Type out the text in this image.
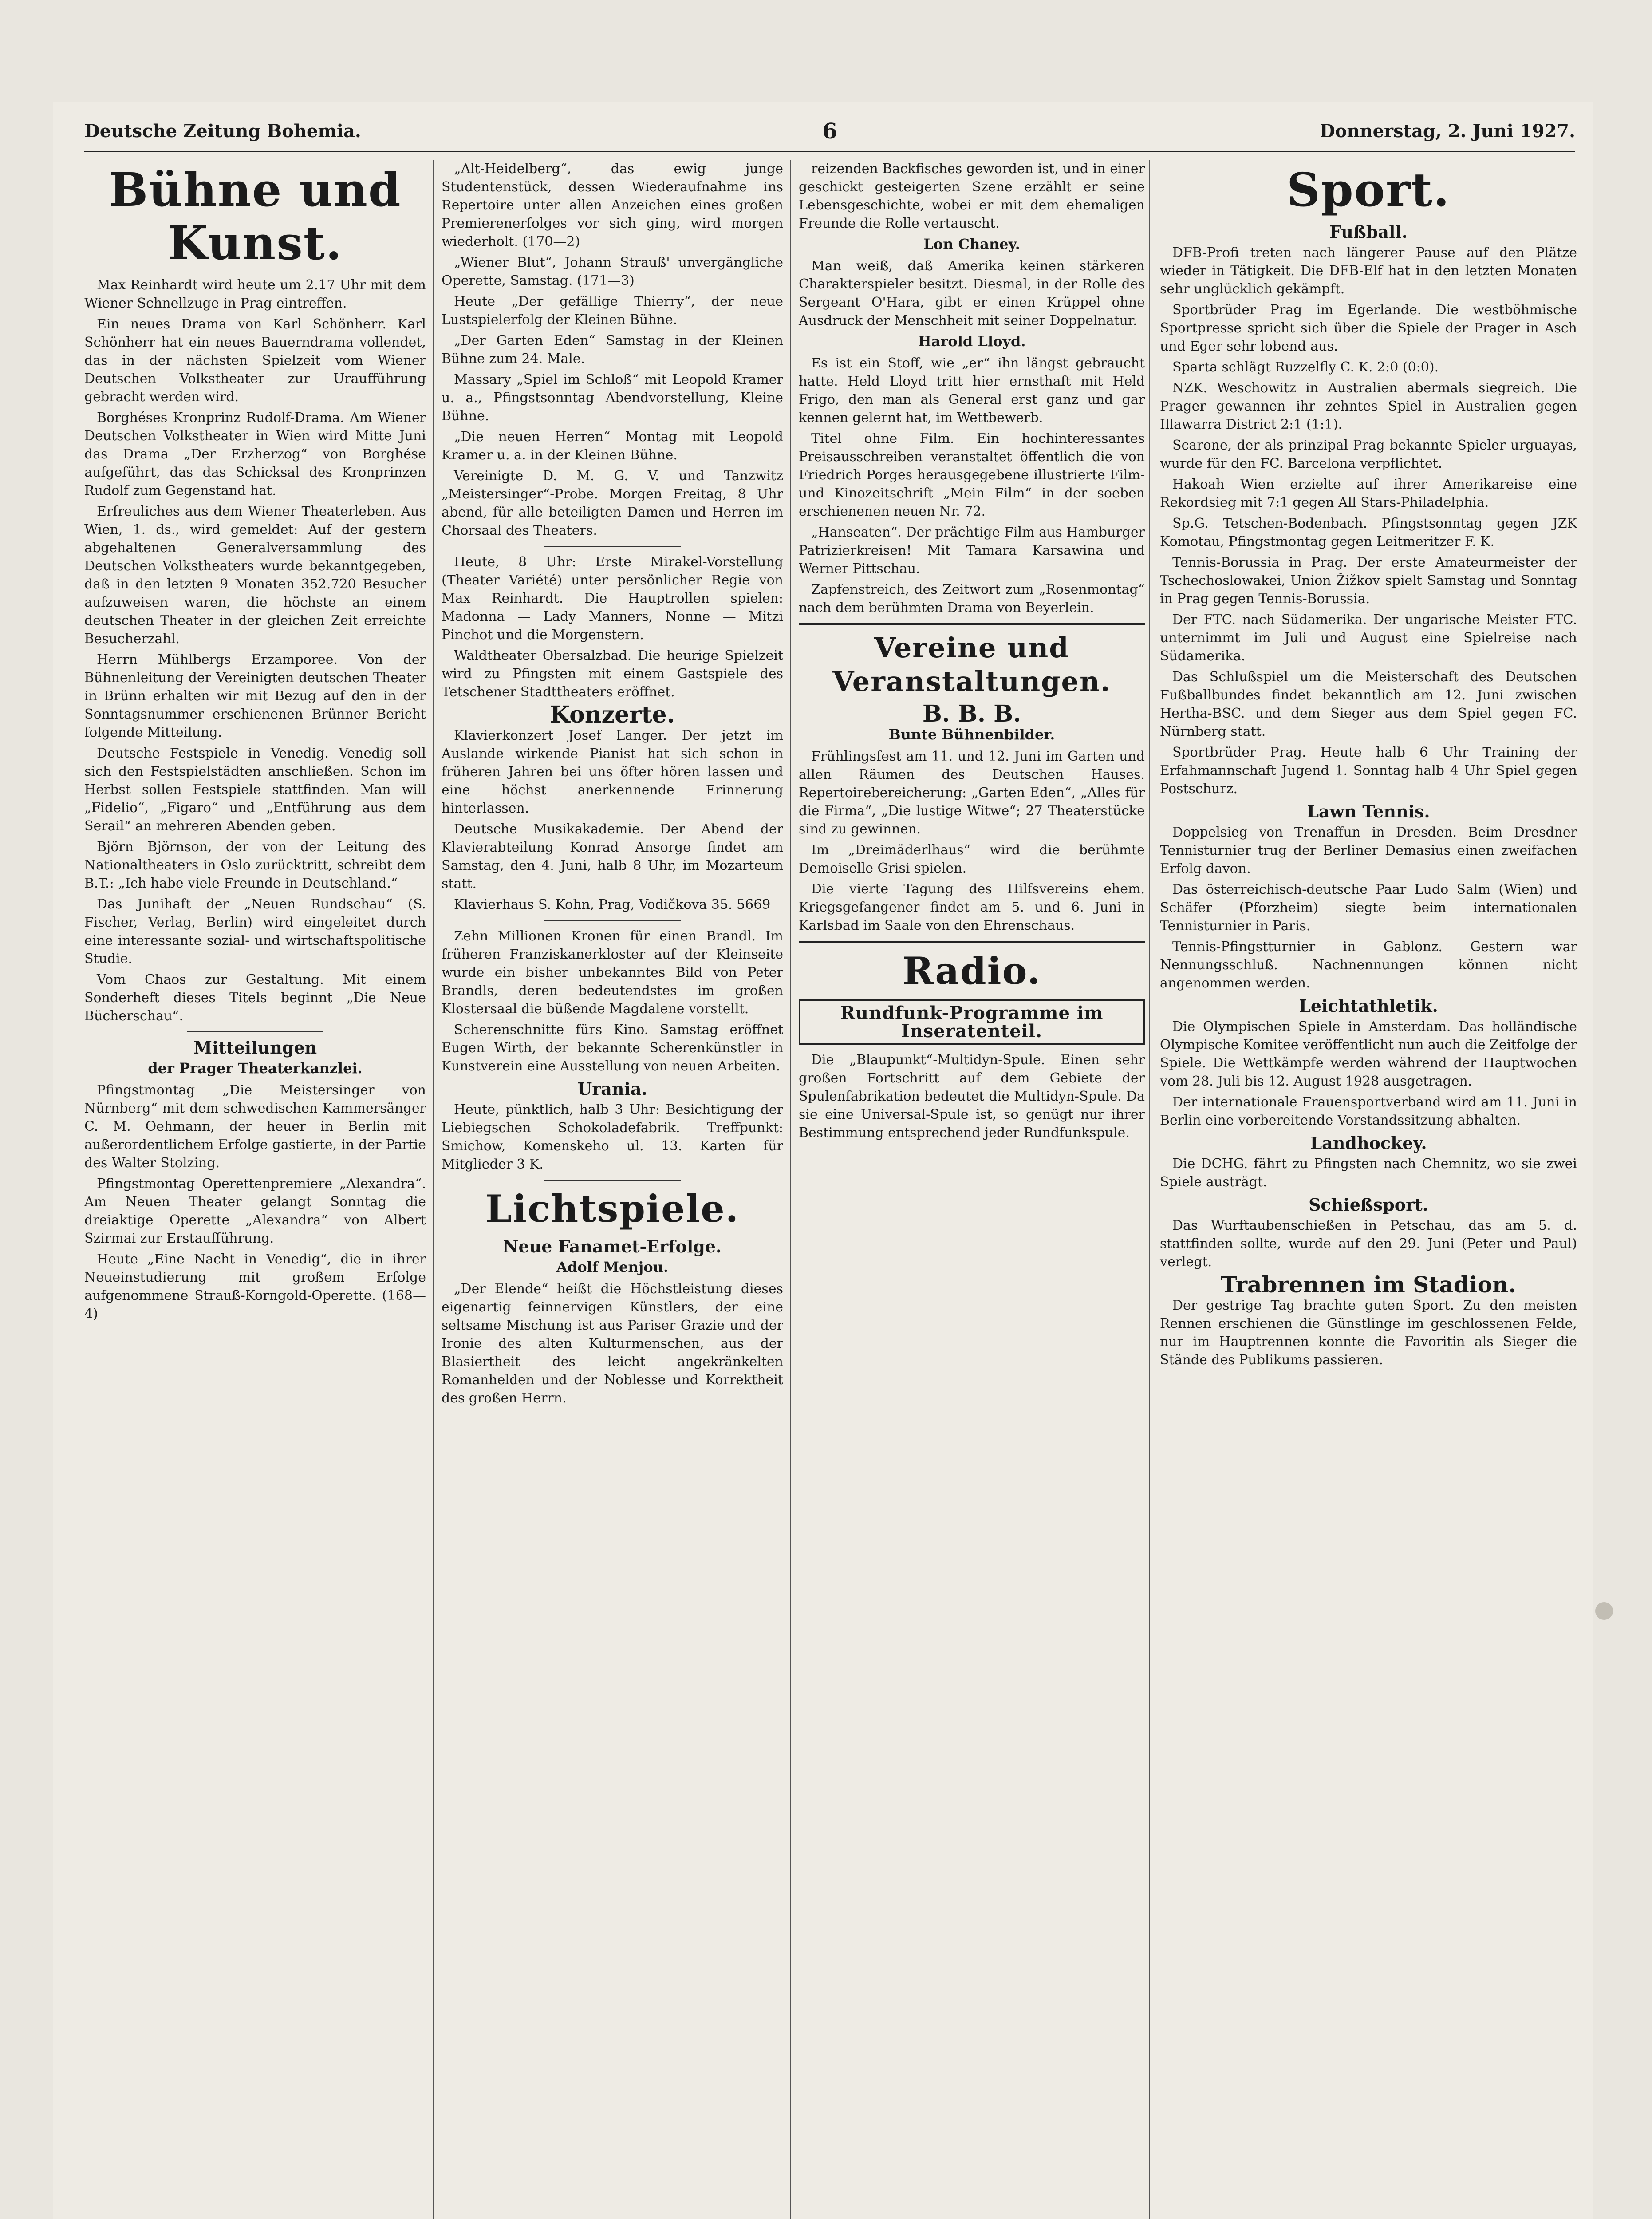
Deutsche Zeitung Bohemia.	6	Donnerstag, 2. Juni 1927.
Bühne und Kunst.

Max Reinhardt wird heute um 2.17 Uhr mit dem Wiener Schnellzuge in Prag eintreffen.

Ein neues Drama von Karl Schönherr. Karl Schönherr hat ein neues Bauerndrama vollendet, das in der nächsten Spielzeit vom Wiener Deutschen Volkstheater zur Uraufführung gebracht werden wird.

Borghéses Kronprinz Rudolf-Drama. Am Wiener Deutschen Volkstheater in Wien wird Mitte Juni das Drama „Der Erzherzog“ von Borghése aufgeführt, das das Schicksal des Kronprinzen Rudolf zum Gegenstand hat.

Erfreuliches aus dem Wiener Theaterleben. Aus Wien, 1. ds., wird gemeldet: Auf der gestern abgehaltenen Generalversammlung des Deutschen Volkstheaters wurde bekanntgegeben, daß in den letzten 9 Monaten 352.720 Besucher aufzuweisen waren, die höchste an einem deutschen Theater in der gleichen Zeit erreichte Besucherzahl.

Herrn Mühlbergs Erzamporee. Von der Bühnenleitung der Vereinigten deutschen Theater in Brünn erhalten wir mit Bezug auf den in der Sonntagsnummer erschienenen Brünner Bericht folgende Mitteilung.

Deutsche Festspiele in Venedig. Venedig soll sich den Festspielstädten anschließen. Schon im Herbst sollen Festspiele stattfinden. Man will „Fidelio“, „Figaro“ und „Entführung aus dem Serail“ an mehreren Abenden geben.

Björn Björnson, der von der Leitung des Nationaltheaters in Oslo zurücktritt, schreibt dem B.T.: „Ich habe viele Freunde in Deutschland.“

Das Junihaft der „Neuen Rundschau“ (S. Fischer, Verlag, Berlin) wird eingeleitet durch eine interessante sozial- und wirtschaftspolitische Studie.

Vom Chaos zur Gestaltung. Mit einem Sonderheft dieses Titels beginnt „Die Neue Bücherschau“.

Mitteilungen
der Prager Theaterkanzlei.

Pfingstmontag „Die Meistersinger von Nürnberg“ mit dem schwedischen Kammersänger C. M. Oehmann, der heuer in Berlin mit außerordentlichem Erfolge gastierte, in der Partie des Walter Stolzing.

Pfingstmontag Operettenpremiere „Alexandra“. Am Neuen Theater gelangt Sonntag die dreiaktige Operette „Alexandra“ von Albert Szirmai zur Erstaufführung.

Heute „Eine Nacht in Venedig“, die in ihrer Neueinstudierung mit großem Erfolge aufgenommene Strauß-Korngold-Operette. (168—4)

„Alt-Heidelberg“, das ewig junge Studentenstück, dessen Wiederaufnahme ins Repertoire unter allen Anzeichen eines großen Premierenerfolges vor sich ging, wird morgen wiederholt. (170—2)

„Wiener Blut“, Johann Strauß' unvergängliche Operette, Samstag. (171—3)

Heute „Der gefällige Thierry“, der neue Lustspielerfolg der Kleinen Bühne.

„Der Garten Eden“ Samstag in der Kleinen Bühne zum 24. Male.

Massary „Spiel im Schloß“ mit Leopold Kramer u. a., Pfingstsonntag Abendvorstellung, Kleine Bühne.

„Die neuen Herren“ Montag mit Leopold Kramer u. a. in der Kleinen Bühne.

Vereinigte D. M. G. V. und Tanzwitz „Meistersinger“-Probe. Morgen Freitag, 8 Uhr abend, für alle beteiligten Damen und Herren im Chorsaal des Theaters.

Heute, 8 Uhr: Erste Mirakel-Vorstellung (Theater Variété) unter persönlicher Regie von Max Reinhardt. Die Hauptrollen spielen: Madonna — Lady Manners, Nonne — Mitzi Pinchot und die Morgenstern.

Waldtheater Obersalzbad. Die heurige Spielzeit wird zu Pfingsten mit einem Gastspiele des Tetschener Stadttheaters eröffnet.

Konzerte.

Klavierkonzert Josef Langer. Der jetzt im Auslande wirkende Pianist hat sich schon in früheren Jahren bei uns öfter hören lassen und eine höchst anerkennende Erinnerung hinterlassen.

Deutsche Musikakademie. Der Abend der Klavierabteilung Konrad Ansorge findet am Samstag, den 4. Juni, halb 8 Uhr, im Mozarteum statt.

Klavierhaus S. Kohn, Prag, Vodičkova 35. 5669

Zehn Millionen Kronen für einen Brandl. Im früheren Franziskanerkloster auf der Kleinseite wurde ein bisher unbekanntes Bild von Peter Brandls, deren bedeutendstes im großen Klostersaal die büßende Magdalene vorstellt.

Scherenschnitte fürs Kino. Samstag eröffnet Eugen Wirth, der bekannte Scherenkünstler in Kunstverein eine Ausstellung von neuen Arbeiten.

Urania.

Heute, pünktlich, halb 3 Uhr: Besichtigung der Liebiegschen Schokoladefabrik. Treffpunkt: Smichow, Komenskeho ul. 13. Karten für Mitglieder 3 K.

Lichtspiele.
Neue Fanamet-Erfolge.
Adolf Menjou.

„Der Elende“ heißt die Höchstleistung dieses eigenartig feinnervigen Künstlers, der eine seltsame Mischung ist aus Pariser Grazie und der Ironie des alten Kulturmenschen, aus der Blasiertheit des leicht angekränkelten Romanhelden und der Noblesse und Korrektheit des großen Herrn.

reizenden Backfisches geworden ist, und in einer geschickt gesteigerten Szene erzählt er seine Lebensgeschichte, wobei er mit dem ehemaligen Freunde die Rolle vertauscht.

Lon Chaney.

Man weiß, daß Amerika keinen stärkeren Charakterspieler besitzt. Diesmal, in der Rolle des Sergeant O'Hara, gibt er einen Krüppel ohne Ausdruck der Menschheit mit seiner Doppelnatur.

Harold Lloyd.

Es ist ein Stoff, wie „er“ ihn längst gebraucht hatte. Held Lloyd tritt hier ernsthaft mit Held Frigo, den man als General erst ganz und gar kennen gelernt hat, im Wettbewerb.

Titel ohne Film. Ein hochinteressantes Preisausschreiben veranstaltet öffentlich die von Friedrich Porges herausgegebene illustrierte Film- und Kinozeitschrift „Mein Film“ in der soeben erschienenen neuen Nr. 72.

„Hanseaten“. Der prächtige Film aus Hamburger Patrizierkreisen! Mit Tamara Karsawina und Werner Pittschau.

Zapfenstreich, des Zeitwort zum „Rosenmontag“ nach dem berühmten Drama von Beyerlein.

Vereine und Veranstaltungen.
B. B. B.
Bunte Bühnenbilder.

Frühlingsfest am 11. und 12. Juni im Garten und allen Räumen des Deutschen Hauses. Repertoirebereicherung: „Garten Eden“, „Alles für die Firma“, „Die lustige Witwe“; 27 Theaterstücke sind zu gewinnen.

Im „Dreimäderlhaus“ wird die berühmte Demoiselle Grisi spielen.

Die vierte Tagung des Hilfsvereins ehem. Kriegsgefangener findet am 5. und 6. Juni in Karlsbad im Saale von den Ehrenschaus.

Radio.
Rundfunk-Programme im Inseratenteil.

Die „Blaupunkt“-Multidyn-Spule. Einen sehr großen Fortschritt auf dem Gebiete der Spulenfabrikation bedeutet die Multidyn-Spule. Da sie eine Universal-Spule ist, so genügt nur ihrer Bestimmung entsprechend jeder Rundfunkspule.

Sport.
Fußball.

DFB-Profi treten nach längerer Pause auf den Plätze wieder in Tätigkeit. Die DFB-Elf hat in den letzten Monaten sehr unglücklich gekämpft.

Sportbrüder Prag im Egerlande. Die westböhmische Sportpresse spricht sich über die Spiele der Prager in Asch und Eger sehr lobend aus.

Sparta schlägt Ruzzelfly C. K. 2:0 (0:0).

NZK. Weschowitz in Australien abermals siegreich. Die Prager gewannen ihr zehntes Spiel in Australien gegen Illawarra District 2:1 (1:1).

Scarone, der als prinzipal Prag bekannte Spieler urguayas, wurde für den FC. Barcelona verpflichtet.

Hakoah Wien erzielte auf ihrer Amerikareise eine Rekordsieg mit 7:1 gegen All Stars-Philadelphia.

Sp.G. Tetschen-Bodenbach. Pfingstsonntag gegen JZK Komotau, Pfingstmontag gegen Leitmeritzer F. K.

Tennis-Borussia in Prag. Der erste Amateurmeister der Tschechoslowakei, Union Žižkov spielt Samstag und Sonntag in Prag gegen Tennis-Borussia.

Der FTC. nach Südamerika. Der ungarische Meister FTC. unternimmt im Juli und August eine Spielreise nach Südamerika.

Das Schlußspiel um die Meisterschaft des Deutschen Fußballbundes findet bekanntlich am 12. Juni zwischen Hertha-BSC. und dem Sieger aus dem Spiel gegen FC. Nürnberg statt.

Sportbrüder Prag. Heute halb 6 Uhr Training der Erfahmannschaft Jugend 1. Sonntag halb 4 Uhr Spiel gegen Postschurz.

Lawn Tennis.

Doppelsieg von Trenaffun in Dresden. Beim Dresdner Tennisturnier trug der Berliner Demasius einen zweifachen Erfolg davon.

Das österreichisch-deutsche Paar Ludo Salm (Wien) und Schäfer (Pforzheim) siegte beim internationalen Tennisturnier in Paris.

Tennis-Pfingstturnier in Gablonz. Gestern war Nennungsschluß. Nachnennungen können nicht angenommen werden.

Leichtathletik.

Die Olympischen Spiele in Amsterdam. Das holländische Olympische Komitee veröffentlicht nun auch die Zeitfolge der Spiele. Die Wettkämpfe werden während der Hauptwochen vom 28. Juli bis 12. August 1928 ausgetragen.

Der internationale Frauensportverband wird am 11. Juni in Berlin eine vorbereitende Vorstandssitzung abhalten.

Landhockey.

Die DCHG. fährt zu Pfingsten nach Chemnitz, wo sie zwei Spiele austrägt.

Schießsport.

Das Wurftaubenschießen in Petschau, das am 5. d. stattfinden sollte, wurde auf den 29. Juni (Peter und Paul) verlegt.

Trabrennen im Stadion.

Der gestrige Tag brachte guten Sport. Zu den meisten Rennen erschienen die Günstlinge im geschlossenen Felde, nur im Hauptrennen konnte die Favoritin als Sieger die Stände des Publikums passieren.
